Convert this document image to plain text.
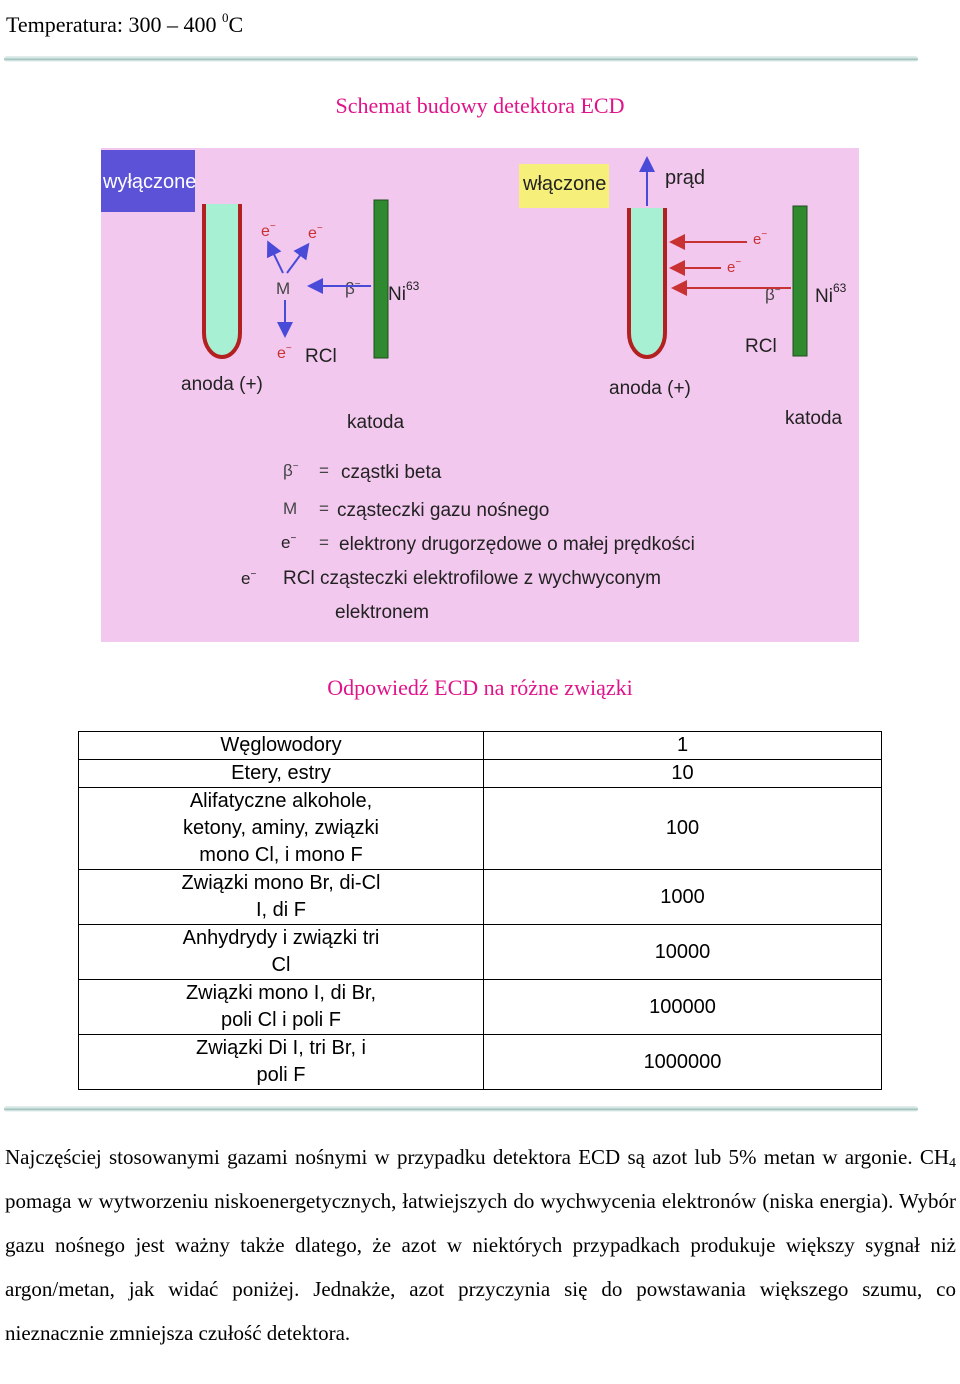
Temperatura: 300 – 400 $^0$C
Schemat budowy detektora ECD
wyłączone
anoda (+)
katoda
Ni$^{63}$
M	β−
e− e−
e− RCl
włączone	prąd
anoda (+)
katoda
Ni$^{63}$
β−
RCl
e−
e−
β− = cząstki beta
M = cząsteczki gazu nośnego
e− = elektrony drugorzędowe o małej prędkości
e− RCl cząsteczki elektrofilowe z wychwyconym
elektronem
Odpowiedź ECD na różne związki
Węglowodory	1
Etery, estry	10
Alifatyczne alkohole,
ketony, aminy, związki
mono Cl, i mono F	100
Związki mono Br, di-Cl
I, di F	1000
Anhydrydy i związki tri
Cl	10000
Związki mono I, di Br,
poli Cl i poli F	100000
Związki Di I, tri Br, i
poli F	1000000
Najczęściej stosowanymi gazami nośnymi w przypadku detektora ECD są azot lub 5% metan w argonie. $CH_4$ pomaga w wytworzeniu niskoenergetycznych, łatwiejszych do wychwycenia elektronów (niska energia). Wybór gazu nośnego jest ważny także dlatego, że azot w niektórych przypadkach produkuje większy sygnał niż argon/metan, jak widać poniżej. Jednakże, azot przyczynia się do powstawania większego szumu, co nieznacznie zmniejsza czułość detektora.
